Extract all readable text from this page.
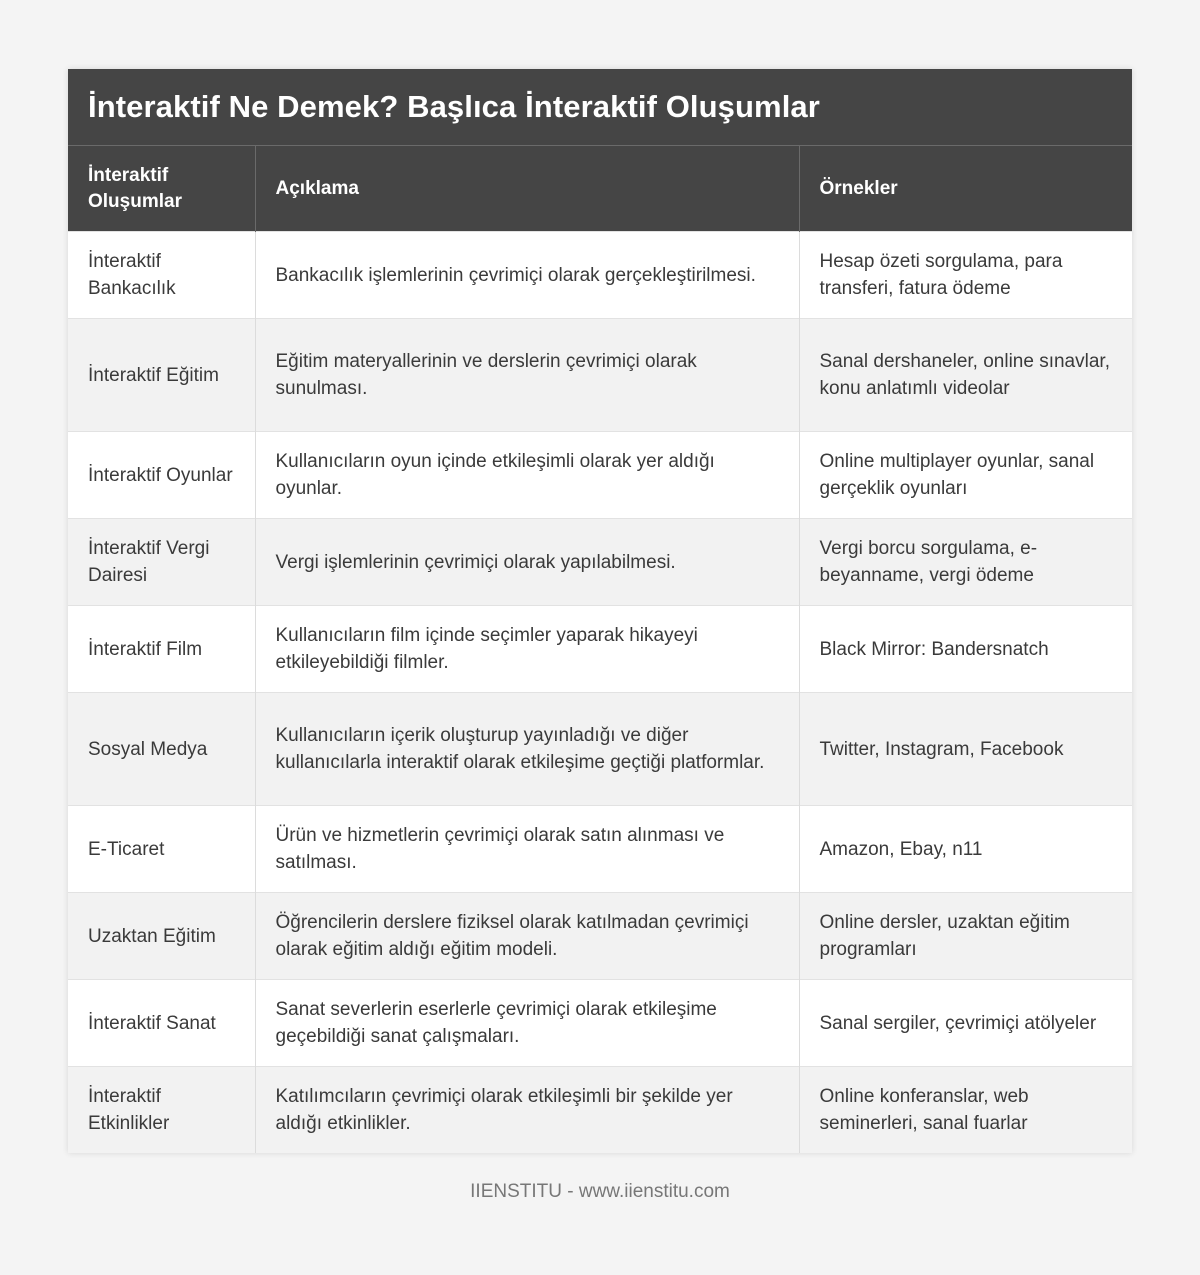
İnteraktif Ne Demek? Başlıca İnteraktif Oluşumlar
İnteraktif Oluşumlar	Açıklama	Örnekler
İnteraktif Bankacılık	Bankacılık işlemlerinin çevrimiçi olarak gerçekleştirilmesi.	Hesap özeti sorgulama, para transferi, fatura ödeme
İnteraktif Eğitim	Eğitim materyallerinin ve derslerin çevrimiçi olarak sunulması.	Sanal dershaneler, online sınavlar, konu anlatımlı videolar
İnteraktif Oyunlar	Kullanıcıların oyun içinde etkileşimli olarak yer aldığı oyunlar.	Online multiplayer oyunlar, sanal gerçeklik oyunları
İnteraktif Vergi Dairesi	Vergi işlemlerinin çevrimiçi olarak yapılabilmesi.	Vergi borcu sorgulama, e-beyanname, vergi ödeme
İnteraktif Film	Kullanıcıların film içinde seçimler yaparak hikayeyi etkileyebildiği filmler.	Black Mirror: Bandersnatch
Sosyal Medya	Kullanıcıların içerik oluşturup yayınladığı ve diğer kullanıcılarla interaktif olarak etkileşime geçtiği platformlar.	Twitter, Instagram, Facebook
E-Ticaret	Ürün ve hizmetlerin çevrimiçi olarak satın alınması ve satılması.	Amazon, Ebay, n11
Uzaktan Eğitim	Öğrencilerin derslere fiziksel olarak katılmadan çevrimiçi olarak eğitim aldığı eğitim modeli.	Online dersler, uzaktan eğitim programları
İnteraktif Sanat	Sanat severlerin eserlerle çevrimiçi olarak etkileşime geçebildiği sanat çalışmaları.	Sanal sergiler, çevrimiçi atölyeler
İnteraktif Etkinlikler	Katılımcıların çevrimiçi olarak etkileşimli bir şekilde yer aldığı etkinlikler.	Online konferanslar, web seminerleri, sanal fuarlar
IIENSTITU - www.iienstitu.com
